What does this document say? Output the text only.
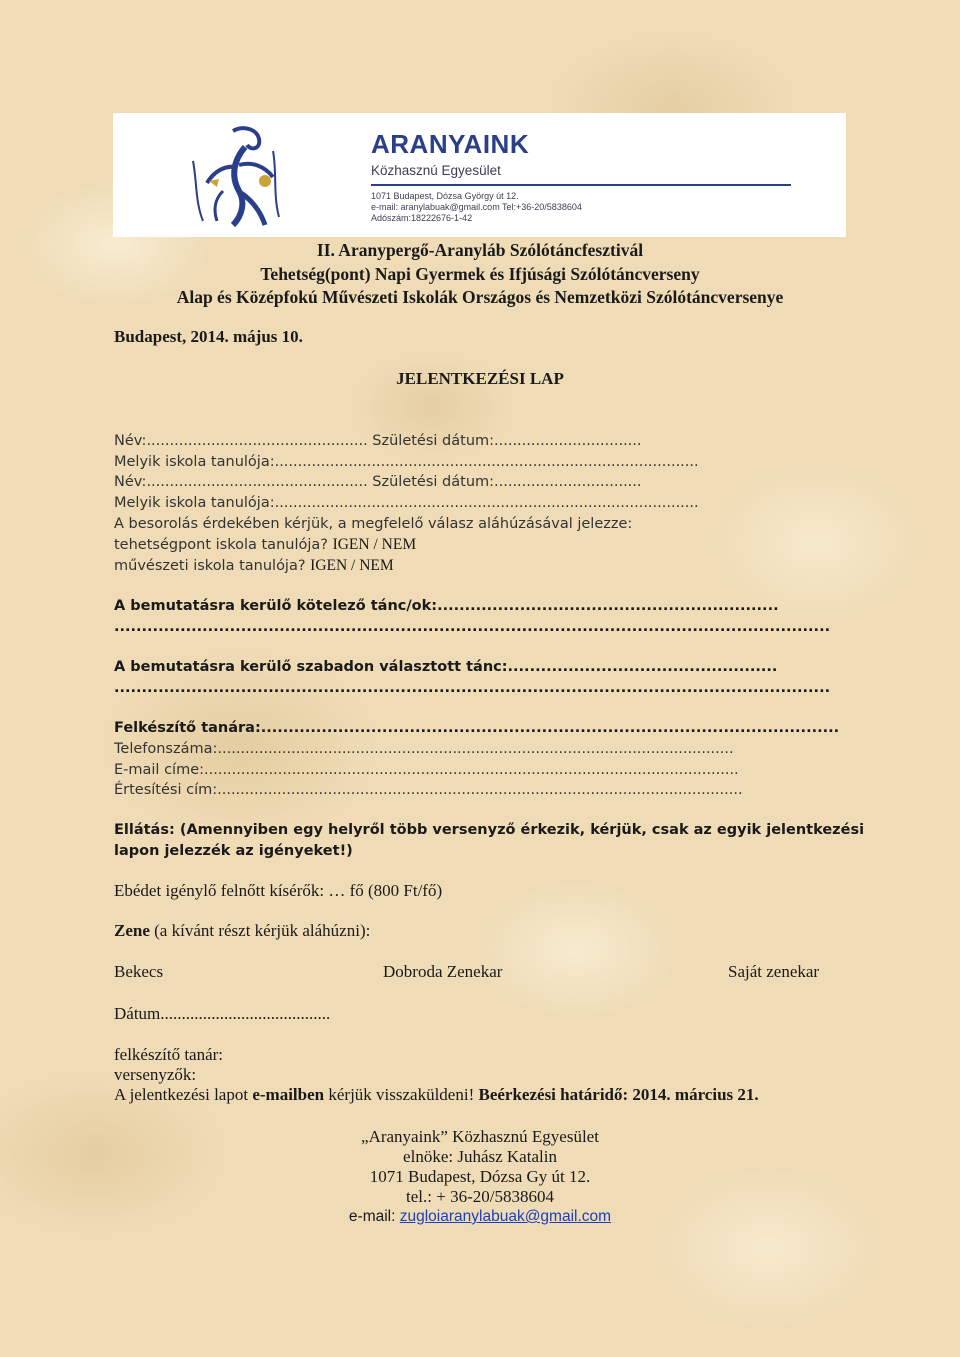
ARANYAINK
Közhasznú Egyesület
1071 Budapest, Dózsa György út 12.
e-mail: aranylabuak@gmail.com Tel:+36-20/5838604
Adószám:18222676-1-42
II. Aranypergő-Aranyláb Szólótáncfesztivál
Tehetség(pont) Napi Gyermek és Ifjúsági Szólótáncverseny
Alap és Középfokú Művészeti Iskolák Országos és Nemzetközi Szólótáncversenye
Budapest, 2014. május 10.
JELENTKEZÉSI LAP
Név:................................................ Születési dátum:................................
Melyik iskola tanulója:............................................................................................
Név:................................................ Születési dátum:................................
Melyik iskola tanulója:............................................................................................
A besorolás érdekében kérjük, a megfelelő válasz aláhúzásával jelezze:
tehetségpont iskola tanulója? IGEN / NEM
művészeti iskola tanulója? IGEN / NEM
A bemutatásra kerülő kötelező tánc/ok:..............................................................
..................................................................................................................................
A bemutatásra kerülő szabadon választott tánc:.................................................
..................................................................................................................................
Felkészítő tanára:.........................................................................................................
Telefonszáma:................................................................................................................
E-mail címe:....................................................................................................................
Értesítési cím:..................................................................................................................
Ellátás: (Amennyiben egy helyről több versenyző érkezik, kérjük, csak az egyik jelentkezési
lapon jelezzék az igényeket!)
Ebédet igénylő felnőtt kísérők: … fő (800 Ft/fő)
Zene (a kívánt részt kérjük aláhúzni):
Bekecs	Dobroda Zenekar	Saját zenekar
Dátum........................................
felkészítő tanár:
versenyzők:
A jelentkezési lapot e-mailben kérjük visszaküldeni! Beérkezési határidő: 2014. március 21.
„Aranyaink” Közhasznú Egyesület
elnöke: Juhász Katalin
1071 Budapest, Dózsa Gy út 12.
tel.: + 36-20/5838604
e-mail: zugloiaranylabuak@gmail.com
